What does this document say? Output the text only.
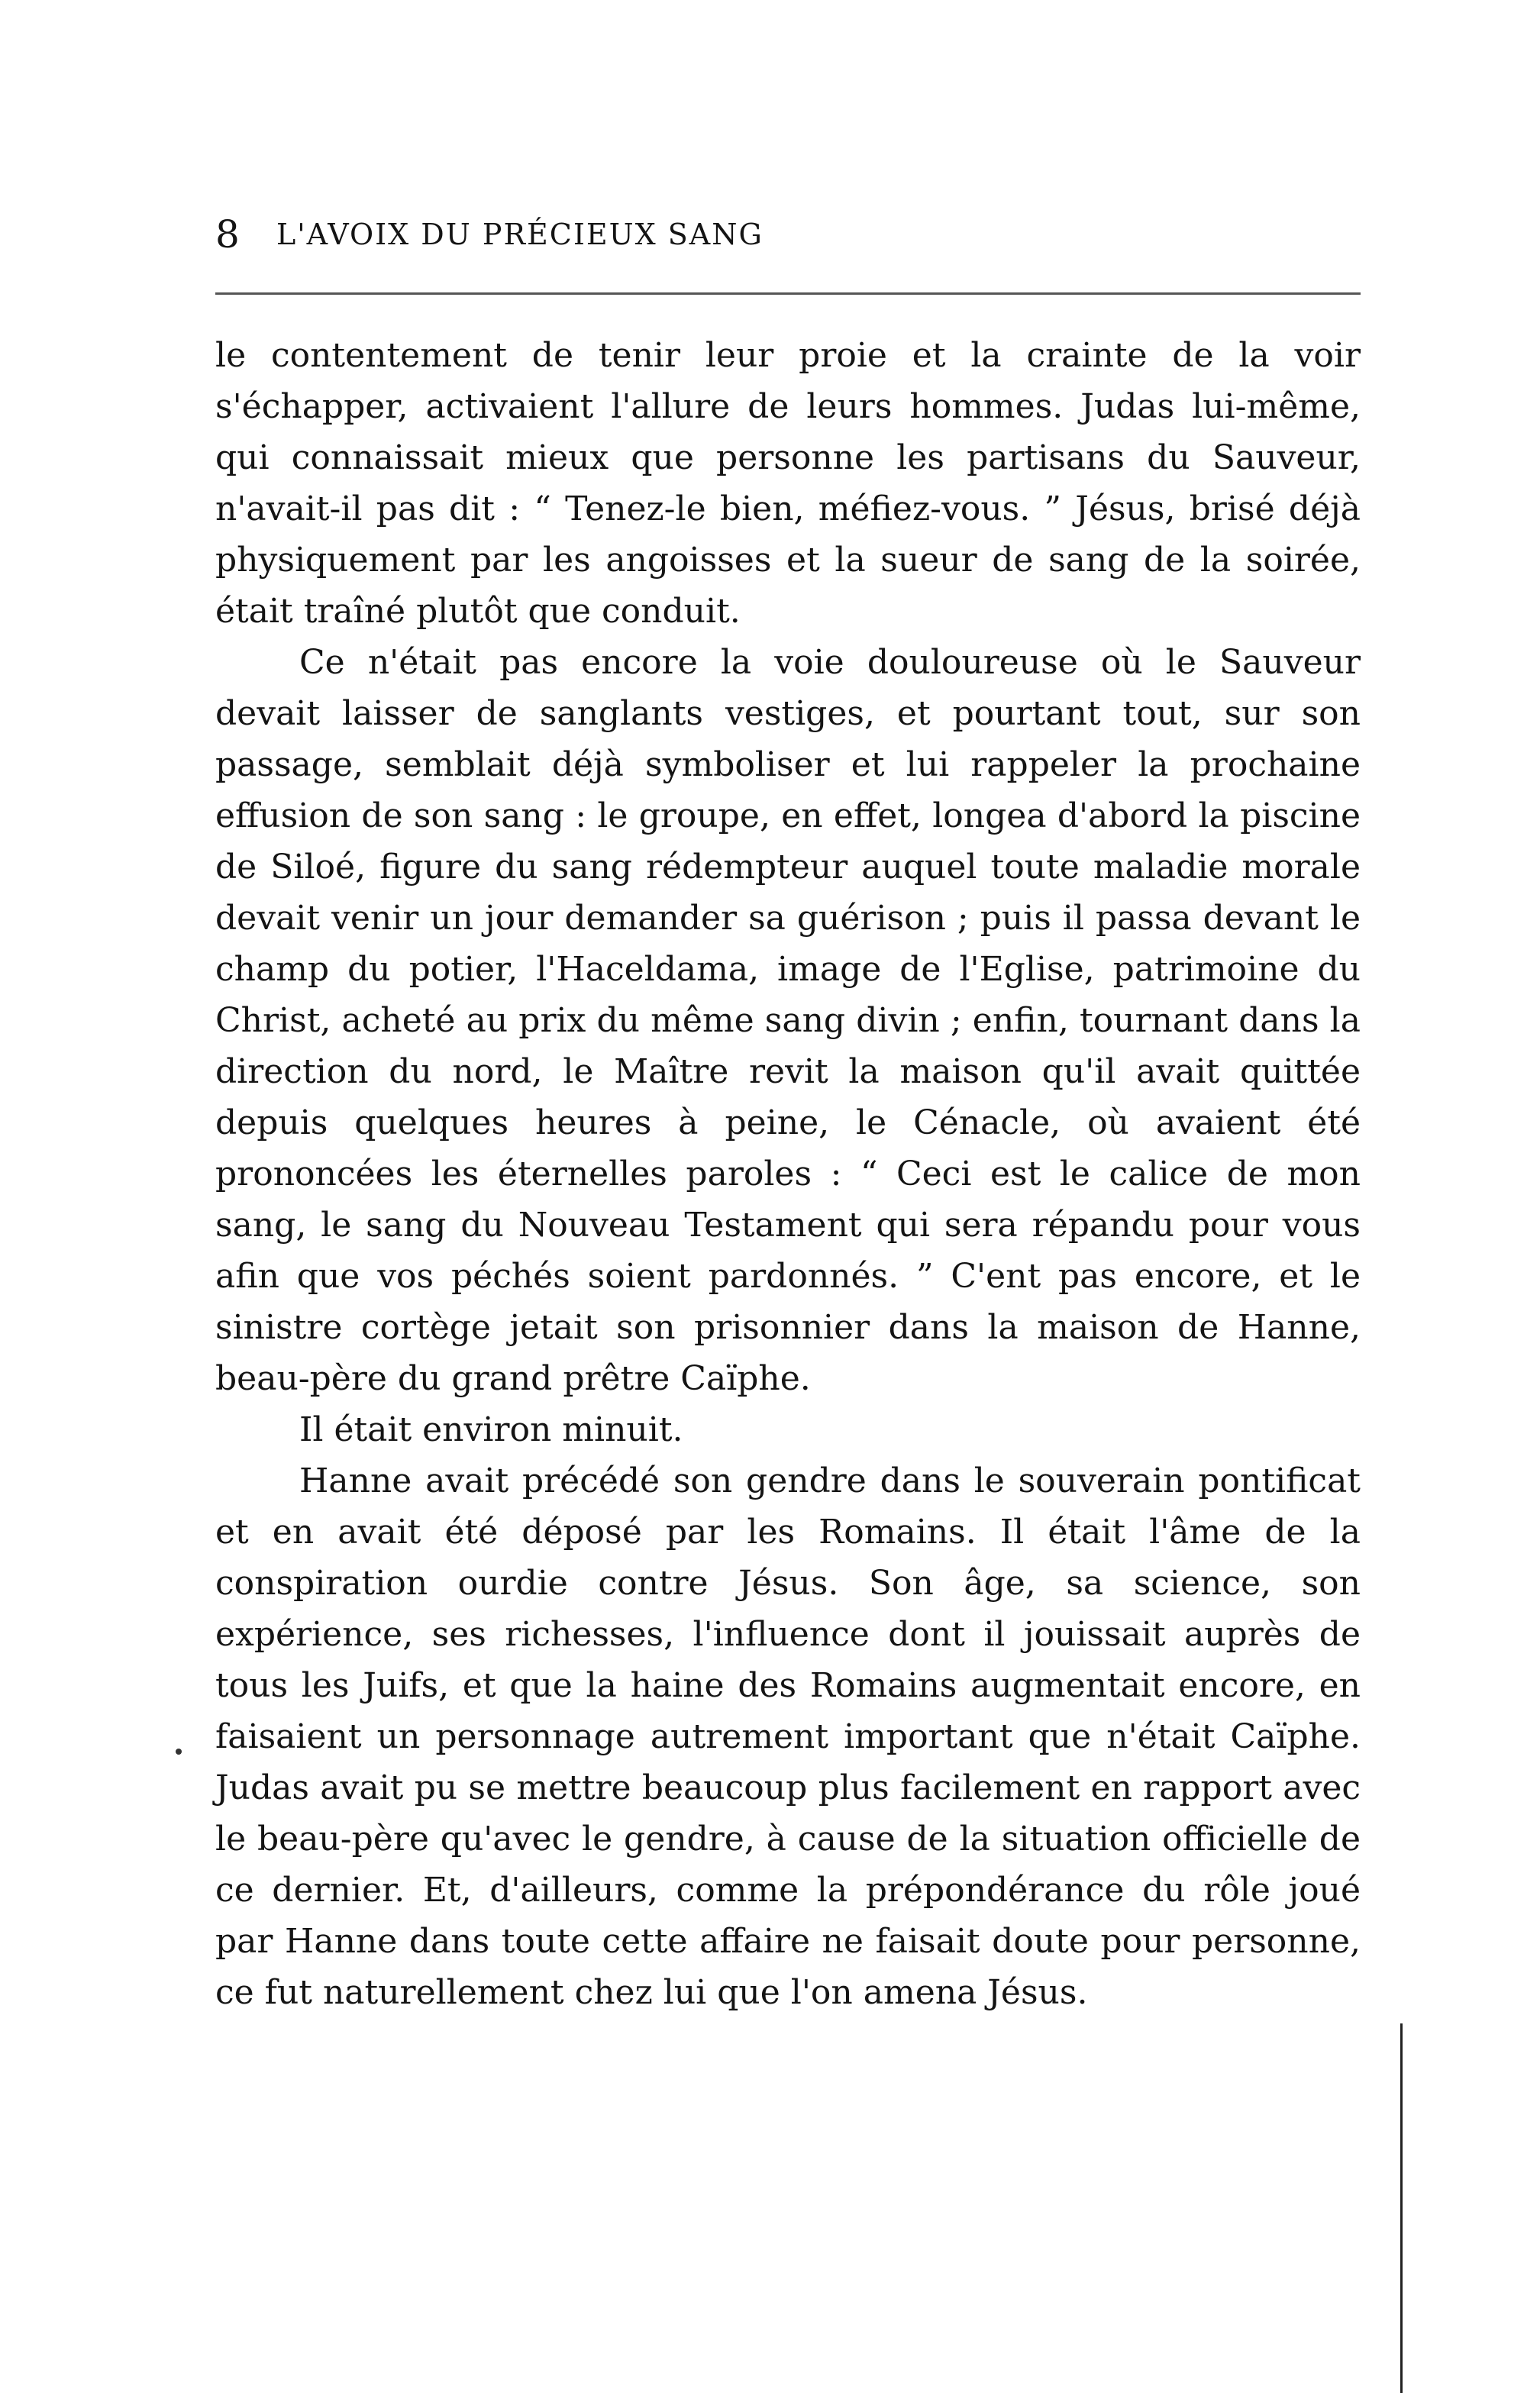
8 L'AVOIX DU PRÉCIEUX SANG

le contentement de tenir leur proie et la crainte de la voir s'échapper, activaient l'allure de leurs hommes. Judas lui-même, qui connaissait mieux que personne les partisans du Sauveur, n'avait-il pas dit : “ Tenez-le bien, méfiez-vous. ” Jésus, brisé déjà physiquement par les angoisses et la sueur de sang de la soirée, était traîné plutôt que conduit.

Ce n'était pas encore la voie douloureuse où le Sauveur devait laisser de sanglants vestiges, et pourtant tout, sur son passage, semblait déjà symboliser et lui rappeler la prochaine effusion de son sang : le groupe, en effet, longea d'abord la piscine de Siloé, figure du sang rédempteur auquel toute maladie morale devait venir un jour demander sa guérison ; puis il passa devant le champ du potier, l'Haceldama, image de l'Eglise, patrimoine du Christ, acheté au prix du même sang divin ; enfin, tournant dans la direction du nord, le Maître revit la maison qu'il avait quittée depuis quelques heures à peine, le Cénacle, où avaient été prononcées les éternelles paroles : “ Ceci est le calice de mon sang, le sang du Nouveau Testament qui sera répandu pour vous afin que vos péchés soient pardonnés. ” C'ent pas encore, et le sinistre cortège jetait son prisonnier dans la maison de Hanne, beau-père du grand prêtre Caïphe.

Il était environ minuit.

Hanne avait précédé son gendre dans le souverain pontificat et en avait été déposé par les Romains. Il était l'âme de la conspiration ourdie contre Jésus. Son âge, sa science, son expérience, ses richesses, l'influence dont il jouissait auprès de tous les Juifs, et que la haine des Romains augmentait encore, en faisaient un personnage autrement important que n'était Caïphe. Judas avait pu se mettre beaucoup plus facilement en rapport avec le beau-père qu'avec le gendre, à cause de la situation officielle de ce dernier. Et, d'ailleurs, comme la prépondérance du rôle joué par Hanne dans toute cette affaire ne faisait doute pour personne, ce fut naturellement chez lui que l'on amena Jésus.
